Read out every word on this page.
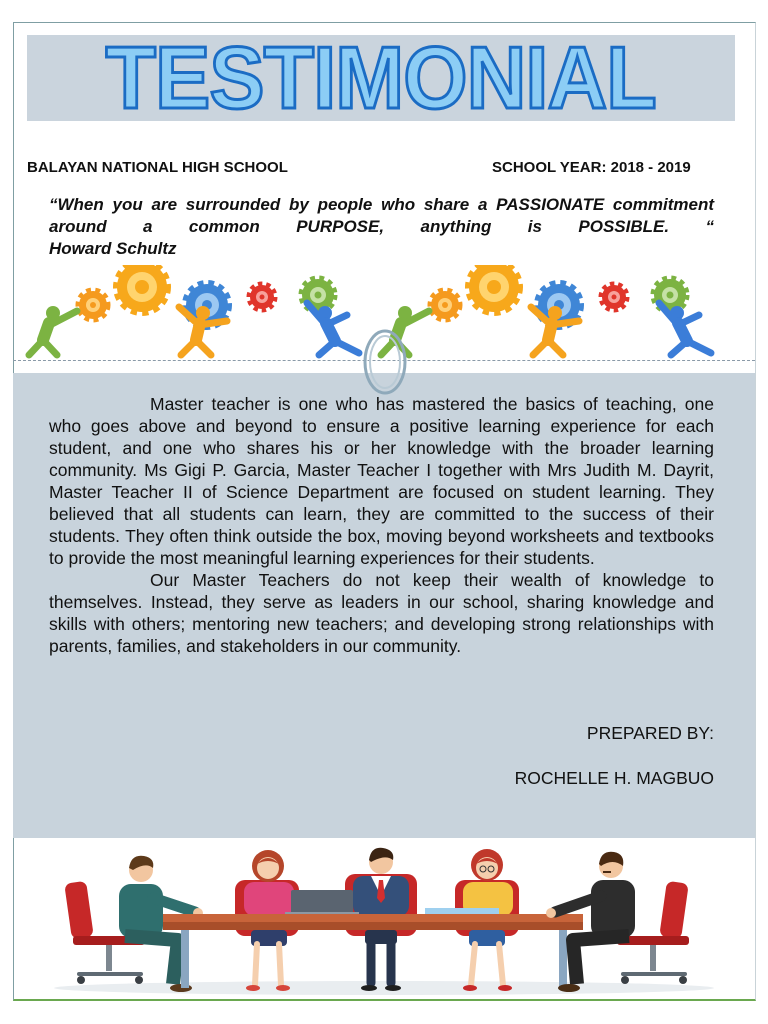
TESTIMONIAL
BALAYAN NATIONAL HIGH SCHOOL	SCHOOL YEAR: 2018 - 2019
“When you are surrounded by people who share a PASSIONATE commitment around a common PURPOSE, anything is POSSIBLE. “
Howard Schultz

Master teacher is one who has mastered the basics of teaching, one who goes above and beyond to ensure a positive learning experience for each student, and one who shares his or her knowledge with the broader learning community. Ms Gigi P. Garcia, Master Teacher I together with Mrs Judith M. Dayrit, Master Teacher II of Science Department are focused on student learning. They believed that all students can learn, they are committed to the success of their students. They often think outside the box, moving beyond worksheets and textbooks to provide the most meaningful learning experiences for their students.

Our Master Teachers do not keep their wealth of knowledge to themselves. Instead, they serve as leaders in our school, sharing knowledge and skills with others; mentoring new teachers; and developing strong relationships with parents, families, and stakeholders in our community.

PREPARED BY:
ROCHELLE H. MAGBUO
